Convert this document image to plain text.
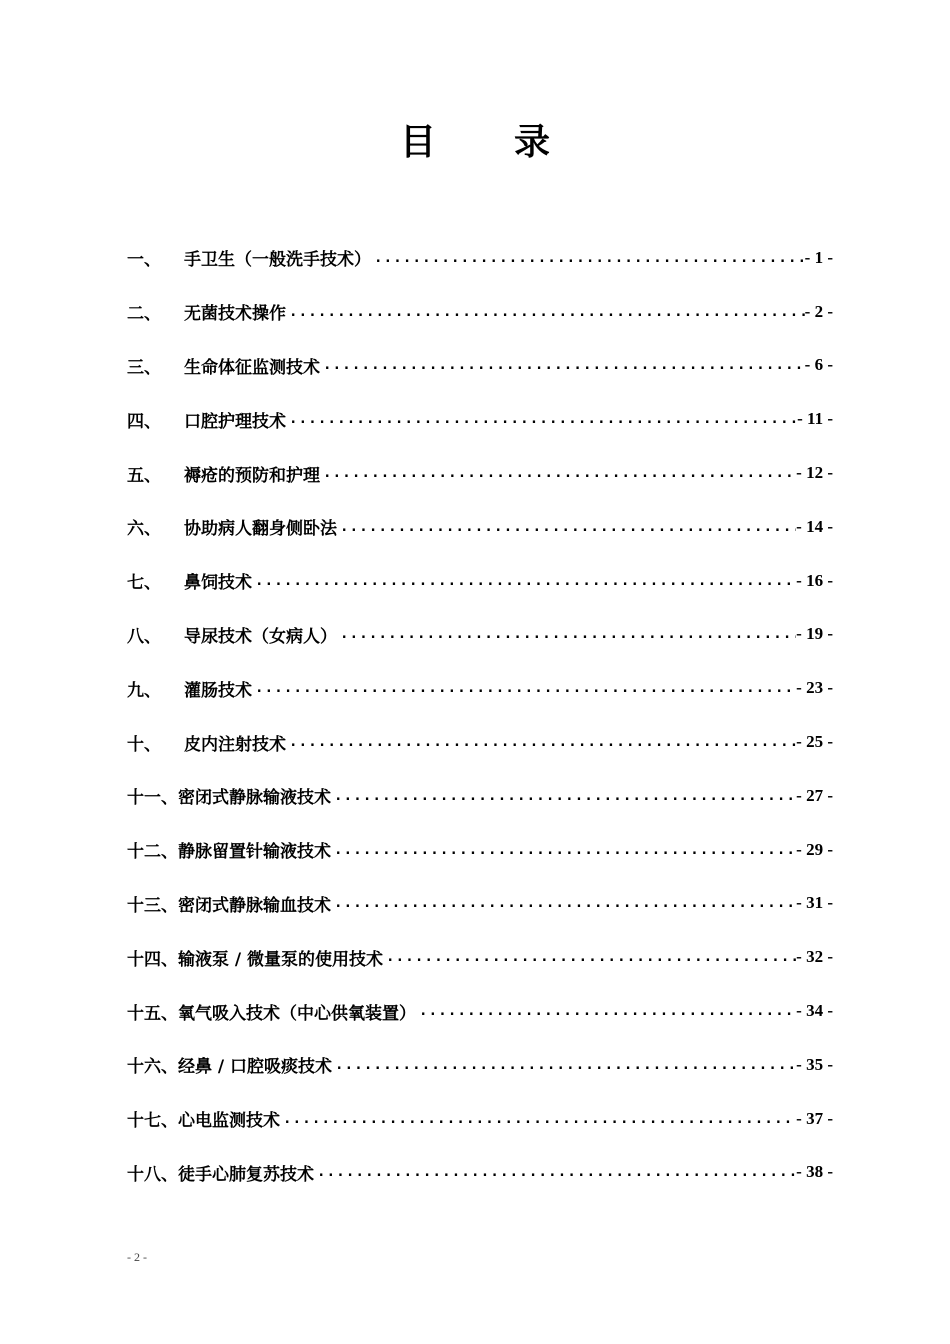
目 录
一、	手卫生（一般洗手技术） .....	- 1 -
二、	无菌技术操作 .....	- 2 -
三、	生命体征监测技术 .....	- 6 -
四、	口腔护理技术 .....	- 11 -
五、	褥疮的预防和护理 .....	- 12 -
六、	协助病人翻身侧卧法 .....	- 14 -
七、	鼻饲技术 .....	- 16 -
八、	导尿技术（女病人） .....	- 19 -
九、	灌肠技术 .....	- 23 -
十、	皮内注射技术 .....	- 25 -
十一、 密闭式静脉输液技术 .....	- 27 -
十二、 静脉留置针输液技术 .....	- 29 -
十三、 密闭式静脉输血技术 .....	- 31 -
十四、 输液泵 / 微量泵的使用技术 .....	- 32 -
十五、 氧气吸入技术（中心供氧装置） .....	- 34 -
十六、 经鼻 / 口腔吸痰技术 .....	- 35 -
十七、 心电监测技术 .....	- 37 -
十八、 徒手心肺复苏技术 .....	- 38 -
- 2 -
